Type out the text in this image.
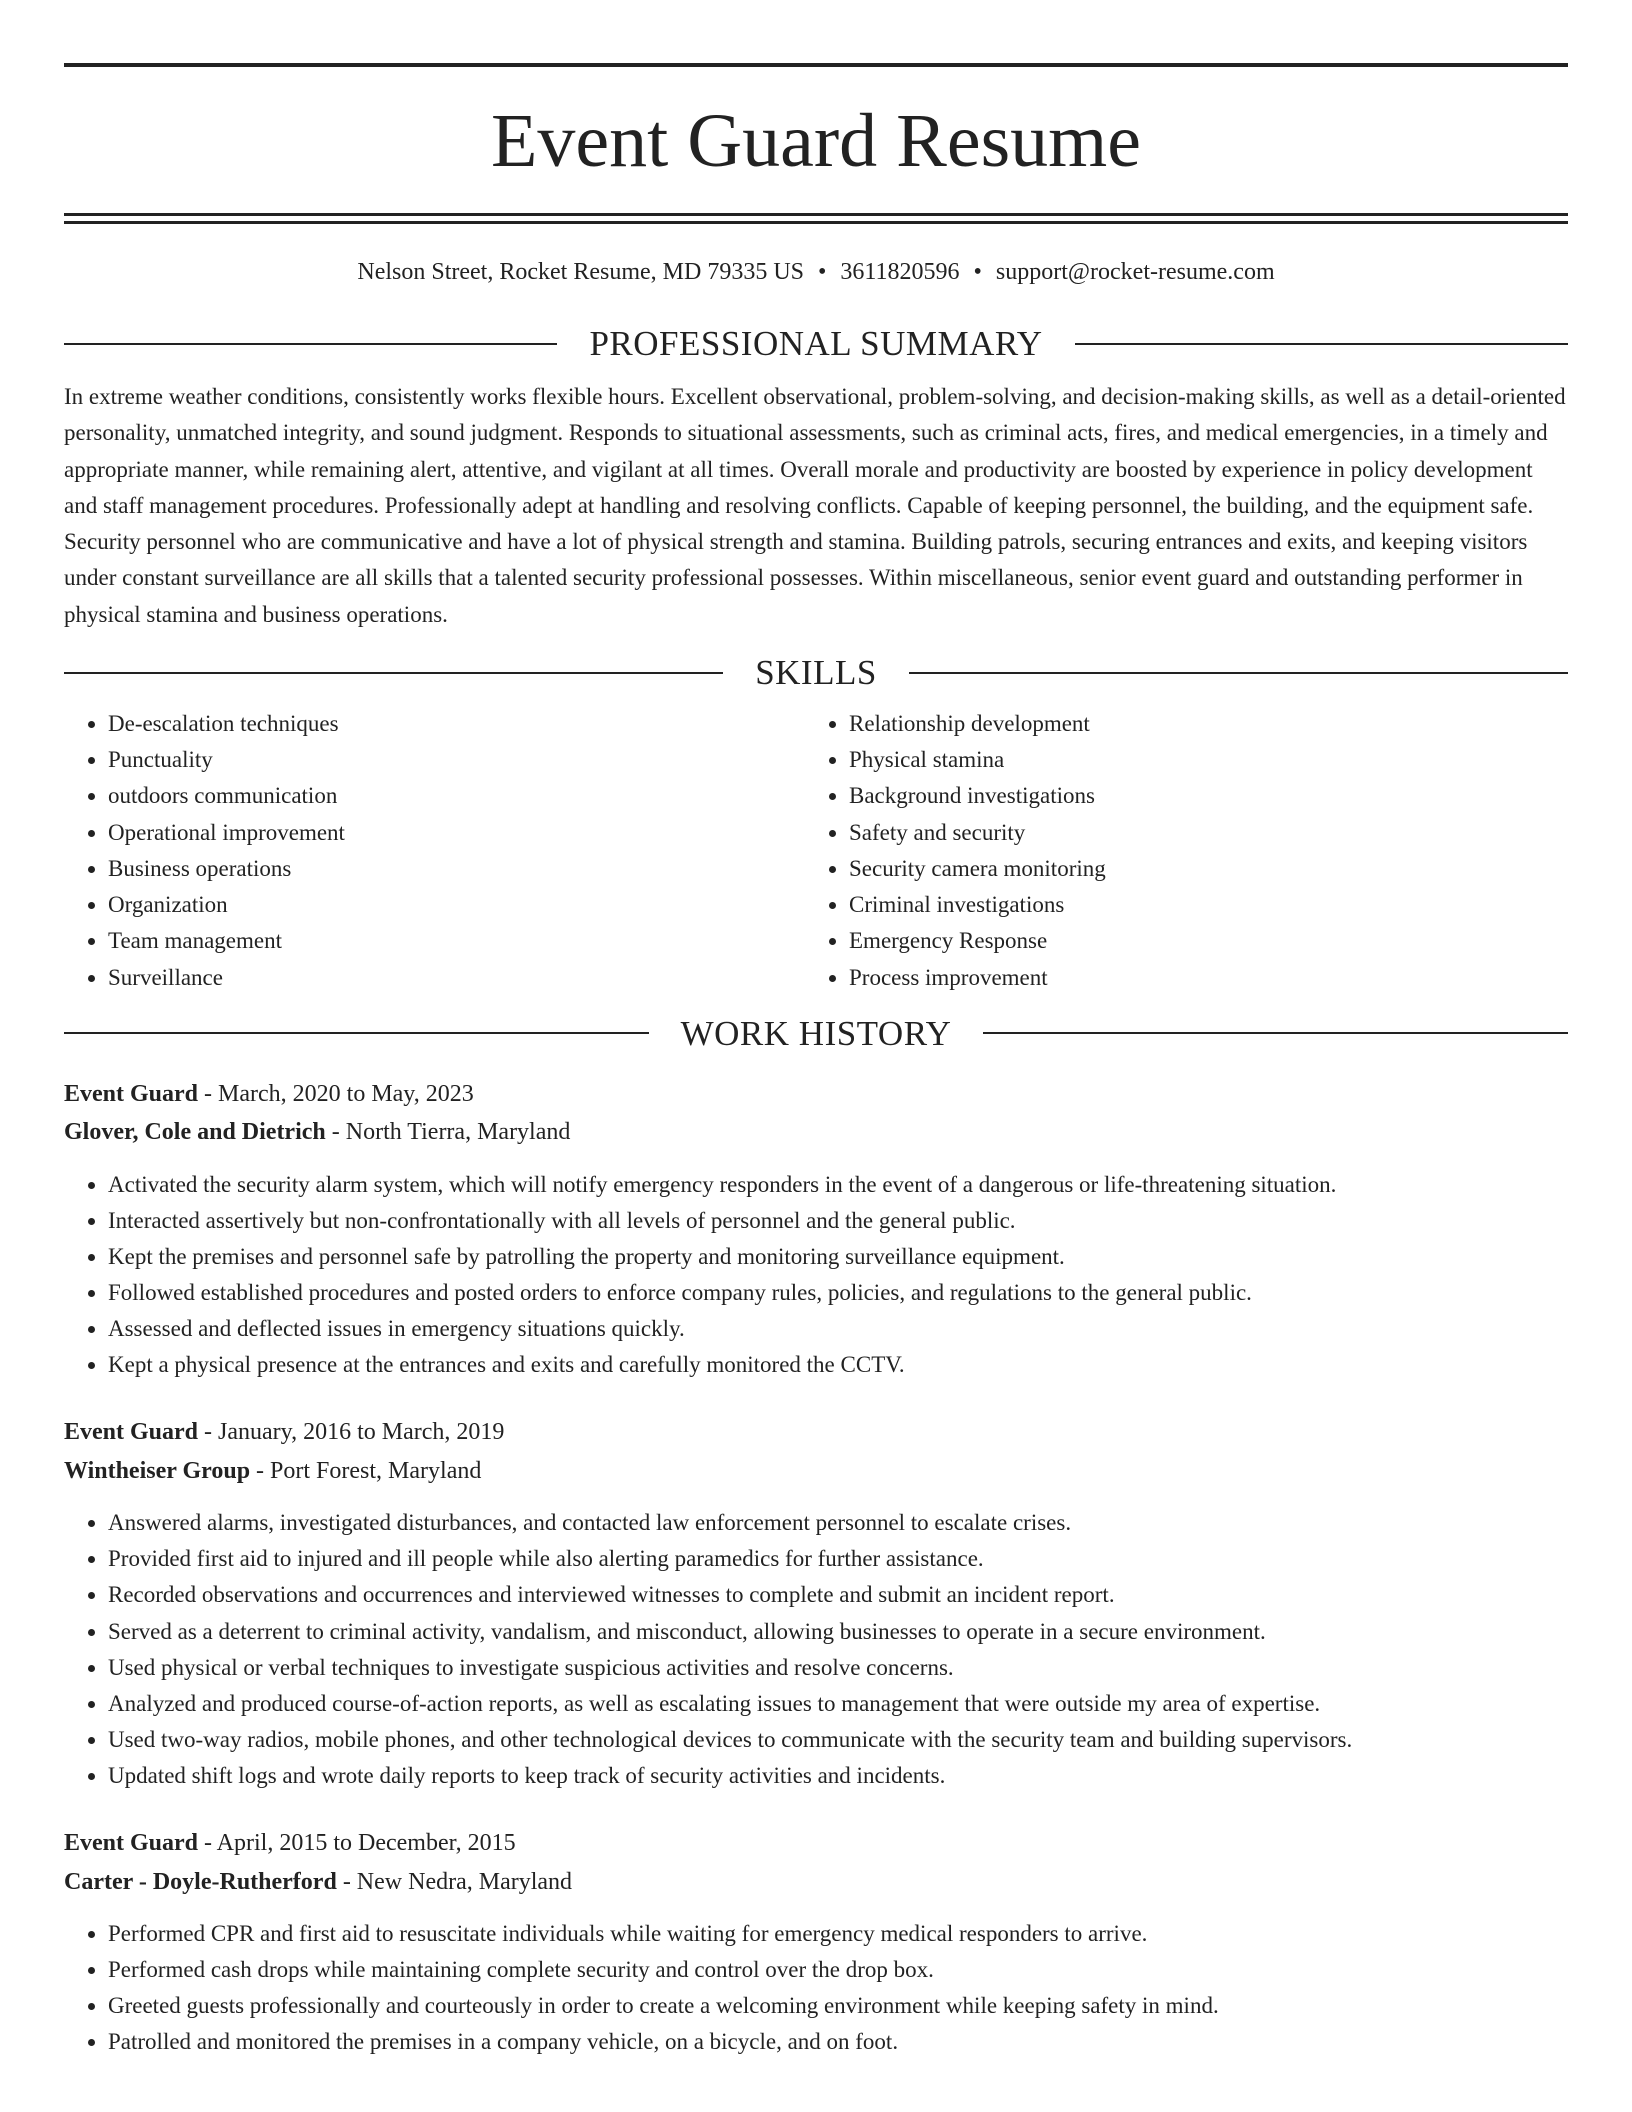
Event Guard Resume
Nelson Street, Rocket Resume, MD 79335 US • 3611820596 • support@rocket-resume.com
PROFESSIONAL SUMMARY

In extreme weather conditions, consistently works flexible hours. Excellent observational, problem-solving, and decision-making skills, as well as a detail-oriented personality, unmatched integrity, and sound judgment. Responds to situational assessments, such as criminal acts, fires, and medical emergencies, in a timely and appropriate manner, while remaining alert, attentive, and vigilant at all times. Overall morale and productivity are boosted by experience in policy development and staff management procedures. Professionally adept at handling and resolving conflicts. Capable of keeping personnel, the building, and the equipment safe. Security personnel who are communicative and have a lot of physical strength and stamina. Building patrols, securing entrances and exits, and keeping visitors under constant surveillance are all skills that a talented security professional possesses. Within miscellaneous, senior event guard and outstanding performer in physical stamina and business operations.

SKILLS
• De-escalation techniques
• Punctuality
• outdoors communication
• Operational improvement
• Business operations
• Organization
• Team management
• Surveillance
• Relationship development
• Physical stamina
• Background investigations
• Safety and security
• Security camera monitoring
• Criminal investigations
• Emergency Response
• Process improvement
WORK HISTORY
Event Guard - March, 2020 to May, 2023
Glover, Cole and Dietrich - North Tierra, Maryland
• Activated the security alarm system, which will notify emergency responders in the event of a dangerous or life-threatening situation.
• Interacted assertively but non-confrontationally with all levels of personnel and the general public.
• Kept the premises and personnel safe by patrolling the property and monitoring surveillance equipment.
• Followed established procedures and posted orders to enforce company rules, policies, and regulations to the general public.
• Assessed and deflected issues in emergency situations quickly.
• Kept a physical presence at the entrances and exits and carefully monitored the CCTV.
Event Guard - January, 2016 to March, 2019
Wintheiser Group - Port Forest, Maryland
• Answered alarms, investigated disturbances, and contacted law enforcement personnel to escalate crises.
• Provided first aid to injured and ill people while also alerting paramedics for further assistance.
• Recorded observations and occurrences and interviewed witnesses to complete and submit an incident report.
• Served as a deterrent to criminal activity, vandalism, and misconduct, allowing businesses to operate in a secure environment.
• Used physical or verbal techniques to investigate suspicious activities and resolve concerns.
• Analyzed and produced course-of-action reports, as well as escalating issues to management that were outside my area of expertise.
• Used two-way radios, mobile phones, and other technological devices to communicate with the security team and building supervisors.
• Updated shift logs and wrote daily reports to keep track of security activities and incidents.
Event Guard - April, 2015 to December, 2015
Carter - Doyle-Rutherford - New Nedra, Maryland
• Performed CPR and first aid to resuscitate individuals while waiting for emergency medical responders to arrive.
• Performed cash drops while maintaining complete security and control over the drop box.
• Greeted guests professionally and courteously in order to create a welcoming environment while keeping safety in mind.
• Patrolled and monitored the premises in a company vehicle, on a bicycle, and on foot.
